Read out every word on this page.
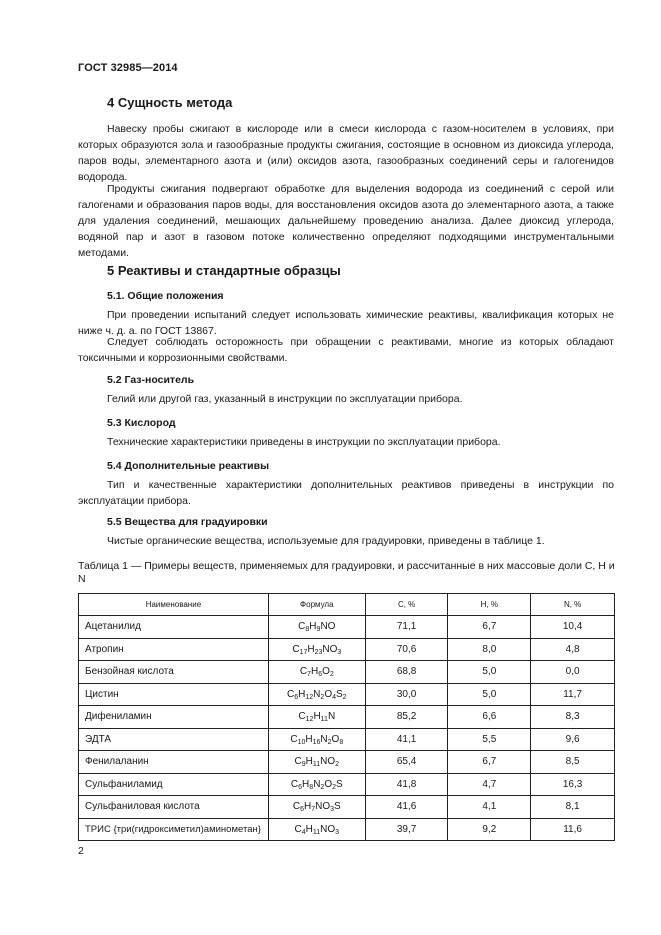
ГОСТ 32985—2014
4 Сущность метода
Навеску пробы сжигают в кислороде или в смеси кислорода с газом-носителем в условиях, при которых образуются зола и газообразные продукты сжигания, состоящие в основном из диоксида углерода, паров воды, элементарного азота и (или) оксидов азота, газообразных соединений серы и галогенидов водорода.
Продукты сжигания подвергают обработке для выделения водорода из соединений с серой или галогенами и образования паров воды, для восстановления оксидов азота до элементарного азота, а также для удаления соединений, мешающих дальнейшему проведению анализа. Далее диоксид углерода, водяной пар и азот в газовом потоке количественно определяют подходящими инструментальными методами.
5 Реактивы и стандартные образцы
5.1. Общие положения
При проведении испытаний следует использовать химические реактивы, квалификация которых не ниже ч. д. а. по ГОСТ 13867.
Следует соблюдать осторожность при обращении с реактивами, многие из которых обладают токсичными и коррозионными свойствами.
5.2 Газ-носитель
Гелий или другой газ, указанный в инструкции по эксплуатации прибора.
5.3 Кислород
Технические характеристики приведены в инструкции по эксплуатации прибора.
5.4 Дополнительные реактивы
Тип и качественные характеристики дополнительных реактивов приведены в инструкции по эксплуатации прибора.
5.5 Вещества для градуировки
Чистые органические вещества, используемые для градуировки, приведены в таблице 1.
Таблица 1 — Примеры веществ, применяемых для градуировки, и рассчитанные в них массовые доли C, H и N
Наименование	Формула	C, %	H, %	N, %
Ацетанилид	$C_8H_9NO$	71,1	6,7	10,4
Атропин	$C_{17}H_{23}NO_3$	70,6	8,0	4,8
Бензойная кислота	$C_7H_6O_2$	68,8	5,0	0,0
Цистин	$C_6H_{12}N_2O_4S_2$	30,0	5,0	11,7
Дифениламин	$C_{12}H_{11}N$	85,2	6,6	8,3
ЭДТА	$C_{10}H_{16}N_2O_8$	41,1	5,5	9,6
Фенилаланин	$C_9H_{11}NO_2$	65,4	6,7	8,5
Сульфаниламид	$C_6H_8N_2O_2S$	41,8	4,7	16,3
Сульфаниловая кислота	$C_6H_7NO_3S$	41,6	4,1	8,1
ТРИС {три(гидроксиметил)аминометан}	$C_4H_{11}NO_3$	39,7	9,2	11,6
2
